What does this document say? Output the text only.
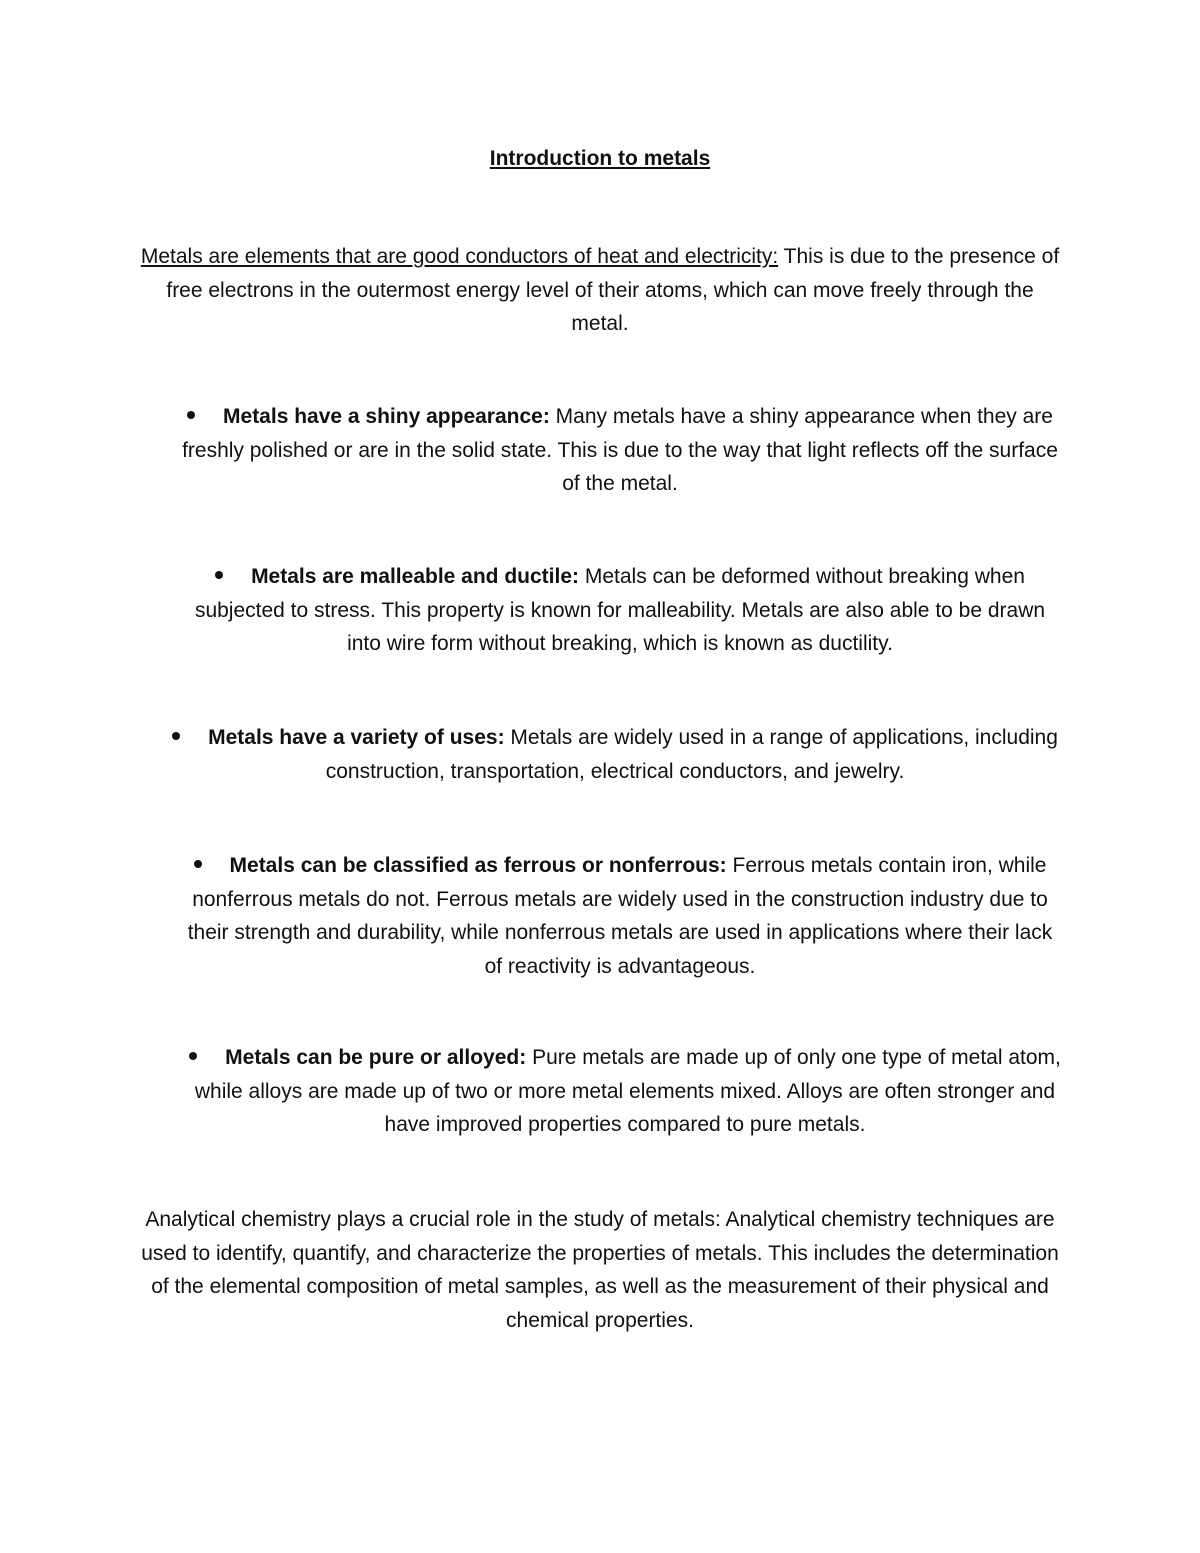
Introduction to metals
Metals are elements that are good conductors of heat and electricity: This is due to the presence of free electrons in the outermost energy level of their atoms, which can move freely through the metal.
Metals have a shiny appearance: Many metals have a shiny appearance when they are freshly polished or are in the solid state. This is due to the way that light reflects off the surface of the metal.
Metals are malleable and ductile: Metals can be deformed without breaking when subjected to stress. This property is known for malleability. Metals are also able to be drawn into wire form without breaking, which is known as ductility.
Metals have a variety of uses: Metals are widely used in a range of applications, including construction, transportation, electrical conductors, and jewelry.
Metals can be classified as ferrous or nonferrous: Ferrous metals contain iron, while nonferrous metals do not. Ferrous metals are widely used in the construction industry due to their strength and durability, while nonferrous metals are used in applications where their lack of reactivity is advantageous.
Metals can be pure or alloyed: Pure metals are made up of only one type of metal atom, while alloys are made up of two or more metal elements mixed. Alloys are often stronger and have improved properties compared to pure metals.
Analytical chemistry plays a crucial role in the study of metals: Analytical chemistry techniques are used to identify, quantify, and characterize the properties of metals. This includes the determination of the elemental composition of metal samples, as well as the measurement of their physical and chemical properties.
